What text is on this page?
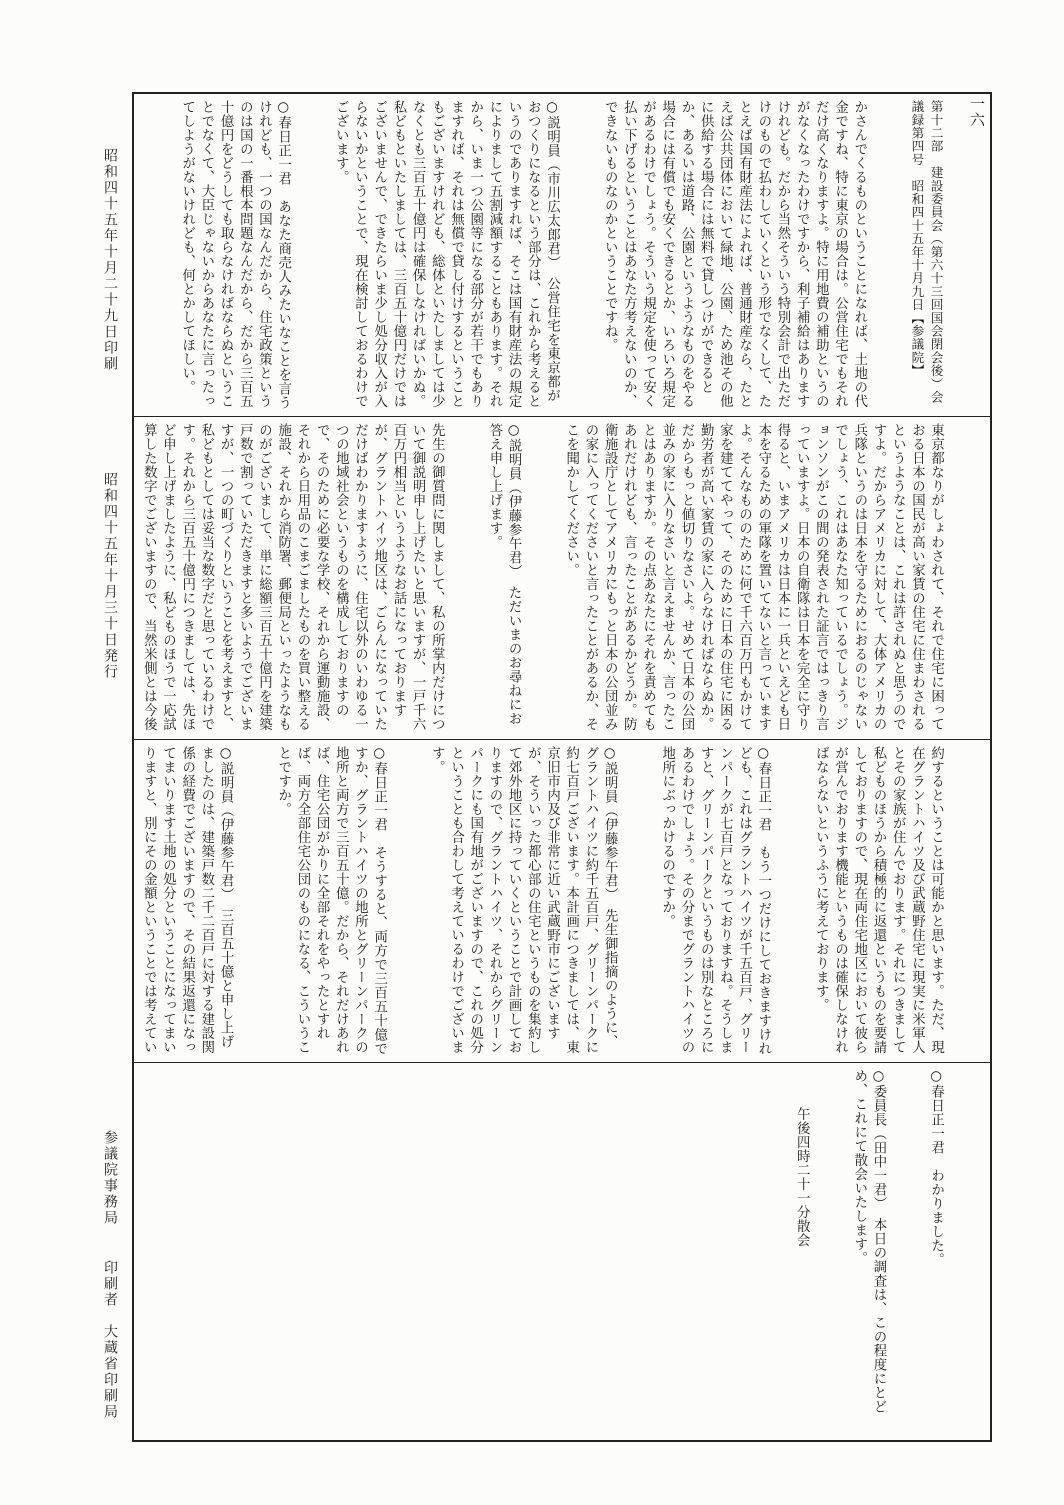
一六

第十二部　建設委員会（第六十三回国会閉会後）会議録第四号　昭和四十五年十月九日【参議院】

かさんでくるものということになれば、土地の代金ですね、特に東京の場合は。公営住宅でもそれだけ高くなりますよ。特に用地費の補助というのがなくなったわけですから、利子補給はありますけれども。だから当然そういう特別会計で出ただけのもので払わしていくという形でなくして、たとえば国有財産法によれば、普通財産なら、たとえば公共団体において緑地、公園、ため池その他に供給する場合には無料で貸しつけができるとか、あるいは道路、公園というようなものをやる場合には有償でも安くできるとか、いろいろ規定があるわけでしょう。そういう規定を使って安く払い下げるということはあなた方考えないのか、できないものなのかということですね。

○説明員（市川広太郎君）　公営住宅を東京都がおつくりになるという部分は、これから考えるというのでありますれば、そこは国有財産法の規定によりまして五割減額することもあります。それから、いま一つ公園等になる部分が若干でもありますれば、それは無償で貸し付けするということもございますけれども、総体といたしましては少なくとも三百五十億円は確保しなければいかぬ。私どもといたしましては、三百五十億円だけではございませんで、できたらいま少し処分収入が入らないかということで、現在検討しておるわけでございます。

○春日正一君　あなた商売人みたいなことを言うけれども、一つの国なんだから、住宅政策というのは国の一番根本問題なんだから、だから三百五十億円をどうしても取らなければならぬということでなくて、大臣じゃないからあなたに言ったってしようがないけれども、何とかしてほしい。

東京都なりがしょわされて、それで住宅に困っておる日本の国民が高い家賃の住宅に住まわされるというようなことは、これは許されぬと思うのですよ。だからアメリカに対して、大体アメリカの兵隊というのは日本を守るためにおるのじゃないでしょう、これはあなた知っているでしょう。ジョンソンがこの間の発表された証言ではっきり言っていますよ。日本の自衛隊は日本を完全に守り得ると、いまアメリカは日本に一兵といえども日本を守るための軍隊を置いてないと言っていますよ。そんなもののために何で千六百万円もかけて家を建ててやって、そのために日本の住宅に困る勤労者が高い家賃の家に入らなければならぬか。だからもっと値切りなさいよ。せめて日本の公団並みの家に入りなさいと言えませんか、言ったことはありますか。その点あなたにそれを責めてもあれだけれども、言ったことがあるかどうか。防衛施設庁としてアメリカにもっと日本の公団並みの家に入ってくださいと言ったことがあるか、そこを聞かしてください。

○説明員（伊藤参午君）　ただいまのお尋ねにお答え申し上げます。

先生の御質問に関しまして、私の所掌内だけについて御説明申し上げたいと思いますが、一戸千六百万円相当というようなお話になっておりますが、グラントハイツ地区は、ごらんになっていただけばわかりますように、住宅以外のいわゆる一つの地域社会というものを構成しておりますので、そのために必要な学校、それから運動施設、それから日用品のこまごましたものを買い整える施設、それから消防署、郵便局といったようなものがございまして、単に総額三百五十億円を建築戸数で割っていただきますと多いようでございますが、一つの町づくりということを考えますと、私どもとしては妥当な数字だと思っているわけです。それから三百五十億円につきましては、先ほど申し上げましたように、私どものほうで一応試算した数字でございますので、当然米側とは今後

約するということは可能かと思います。ただ、現在グラントハイツ及び武蔵野住宅に現実に米軍人とその家族が住んでおります。それにつきまして私どものほうから積極的に返還というものを要請しておりますので、現在両住宅地区において彼らが営んでおります機能というものは確保しなければならないというふうに考えております。

○春日正一君　もう一つだけにしておきますけれども、これはグラントハイツが千五百戸、グリーンパークが七百戸となっておりますね。そうしますと、グリーンパークというものは別なところにあるわけでしょう。その分までグラントハイツの地所にぶっかけるのですか。

○説明員（伊藤参午君）　先生御指摘のように、グラントハイツに約千五百戸、グリーンパークに約七百戸ございます。本計画につきましては、東京旧市内及び非常に近い武蔵野市にございますが、そういった都心部の住宅というものを集約して郊外地区に持っていくということで計画しておりますので、グラントハイツ、それからグリーンパークにも国有地がございますので、これの処分ということも合わして考えているわけでございます。

○春日正一君　そうすると、両方で三百五十億ですか、グラントハイツの地所とグリーンパークの地所と両方で三百五十億。だから、それだけあれば、住宅公団がかりに全部それをやったとすれば、両方全部住宅公団のものになる、こういうことですか。

○説明員（伊藤参午君）　三百五十億と申し上げましたのは、建築戸数二千二百戸に対する建設関係の経費でございますので、その結果返還になってまいります土地の処分ということになってまいりますと、別にその金額ということでは考えてい

○春日正一君　わかりました。

○委員長（田中一君）　本日の調査は、この程度にとどめ、これにて散会いたします。

午後四時二十一分散会

昭和四十五年十月二十九日印刷
昭和四十五年十月三十日発行
参議院事務局
印刷者　大蔵省印刷局
